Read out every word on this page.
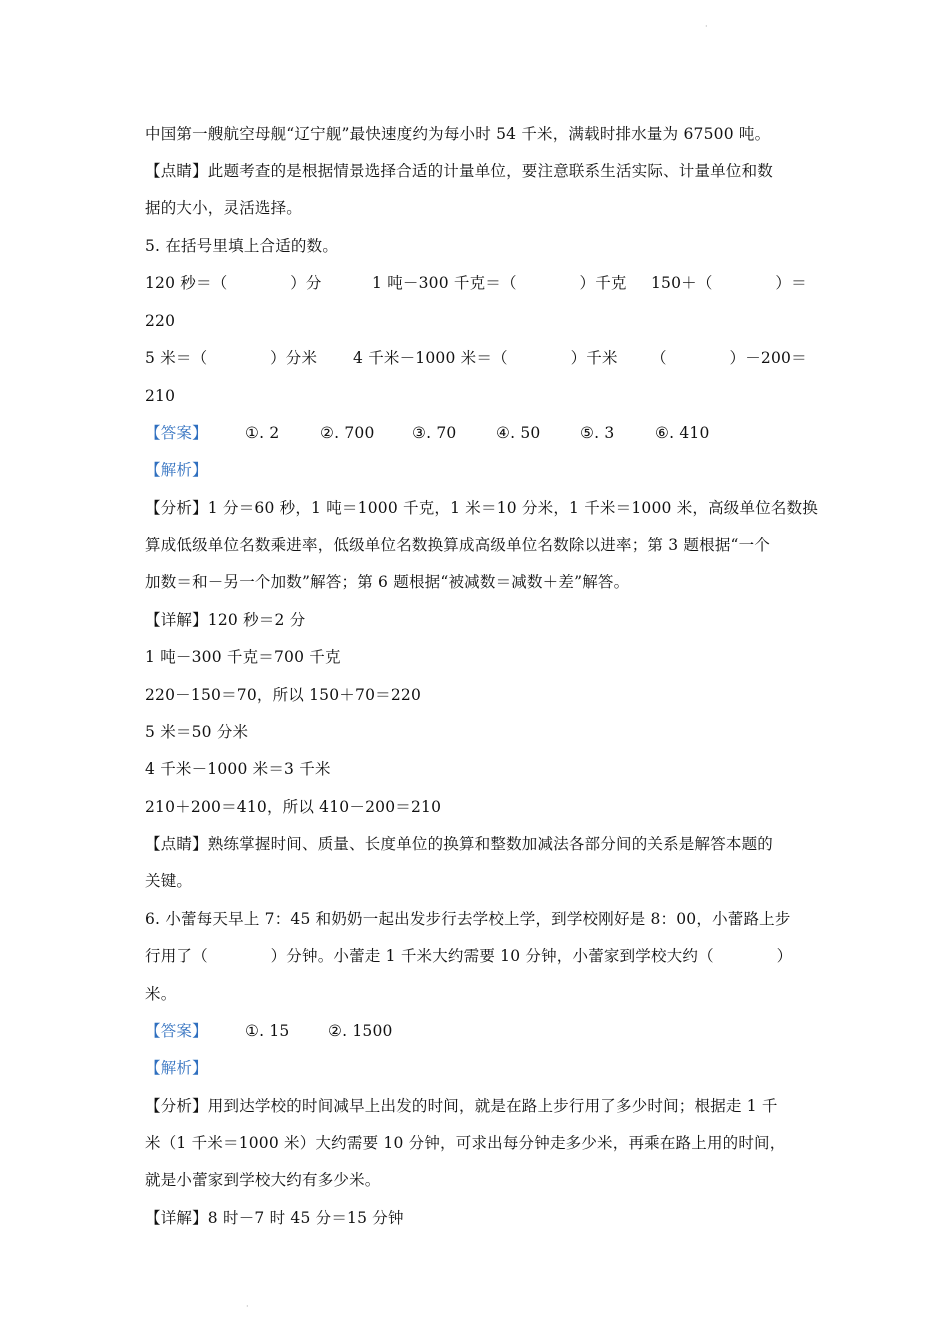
·
中国第一艘航空母舰“辽宁舰”最快速度约为每小时 54 千米，满载时排水量为 67500 吨。
【点睛】此题考查的是根据情景选择合适的计量单位，要注意联系生活实际、计量单位和数
据的大小，灵活选择。
5. 在括号里填上合适的数。
120 秒＝（　　　　）分	1 吨－300 千克＝（　　　　）千克 150＋（　　　　）＝
220
5 米＝（　　　　）分米 4 千米－1000 米＝（　　　　）千米 （　　　　）－200＝
210
【答案】 ①. 2	②. 700 ③. 70	④. 50	⑤. 3	⑥. 410
【解析】
【分析】1 分＝60 秒，1 吨＝1000 千克，1 米＝10 分米，1 千米＝1000 米，高级单位名数换
算成低级单位名数乘进率，低级单位名数换算成高级单位名数除以进率；第 3 题根据“一个
加数＝和－另一个加数”解答；第 6 题根据“被减数＝减数＋差”解答。
【详解】120 秒＝2 分
1 吨－300 千克＝700 千克
220－150＝70，所以 150＋70＝220
5 米＝50 分米
4 千米－1000 米＝3 千米
210＋200＝410，所以 410－200＝210
【点睛】熟练掌握时间、质量、长度单位的换算和整数加减法各部分间的关系是解答本题的
关键。
6. 小蕾每天早上 7：45 和奶奶一起出发步行去学校上学，到学校刚好是 8：00，小蕾路上步
行用了（　　　　）分钟。小蕾走 1 千米大约需要 10 分钟，小蕾家到学校大约（　　　　）
米。
【答案】 ①. 15 ②. 1500
【解析】
【分析】用到达学校的时间减早上出发的时间，就是在路上步行用了多少时间；根据走 1 千
米（1 千米＝1000 米）大约需要 10 分钟，可求出每分钟走多少米，再乘在路上用的时间，
就是小蕾家到学校大约有多少米。
【详解】8 时－7 时 45 分＝15 分钟
·
